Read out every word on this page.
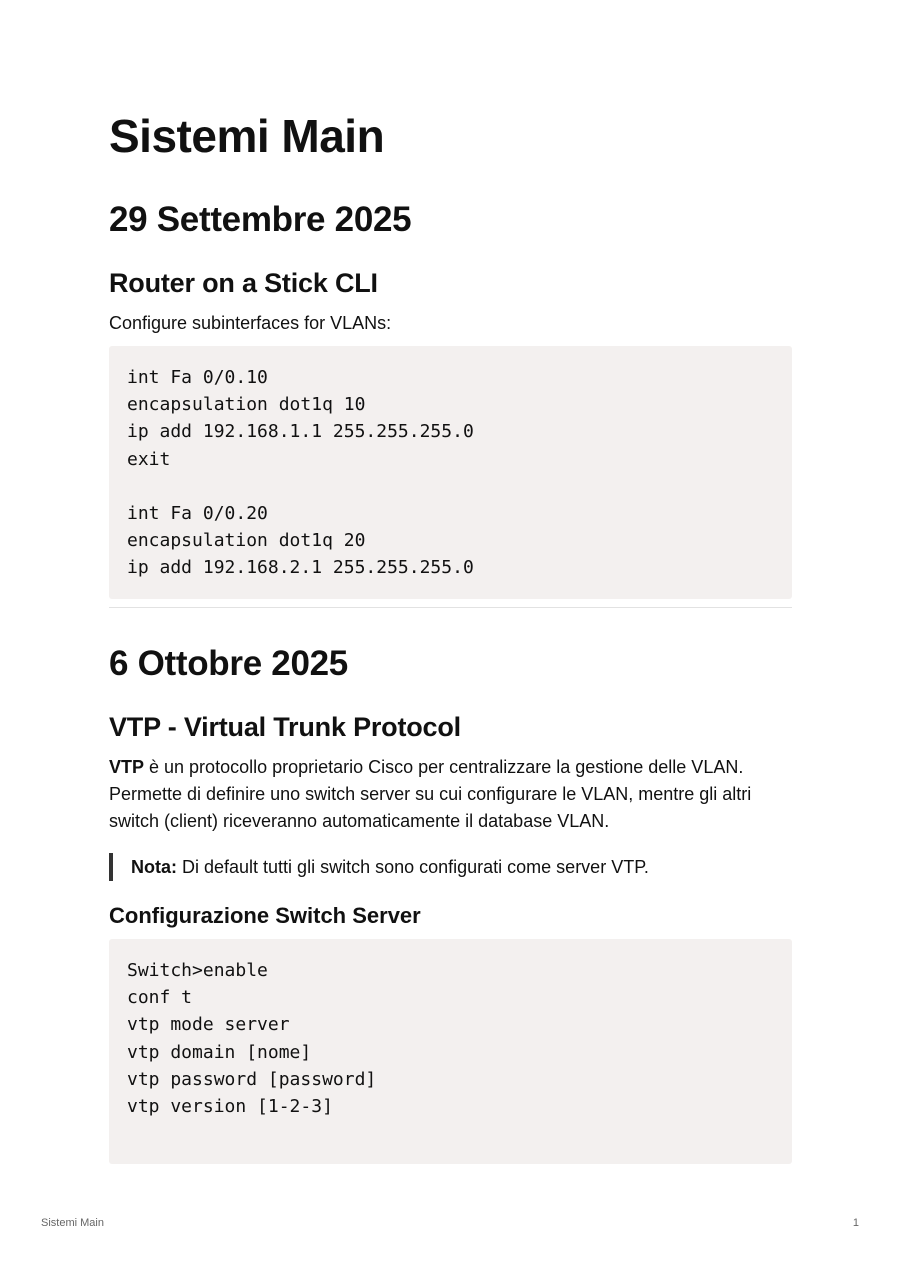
Sistemi Main
29 Settembre 2025
Router on a Stick CLI

Configure subinterfaces for VLANs:

int Fa 0/0.10
encapsulation dot1q 10
ip add 192.168.1.1 255.255.255.0
exit
int Fa 0/0.20
encapsulation dot1q 20
ip add 192.168.2.1 255.255.255.0
6 Ottobre 2025
VTP - Virtual Trunk Protocol

VTP è un protocollo proprietario Cisco per centralizzare la gestione delle VLAN. Permette di definire uno switch server su cui configurare le VLAN, mentre gli altri switch (client) riceveranno automaticamente il database VLAN.

Nota: Di default tutti gli switch sono configurati come server VTP.
Configurazione Switch Server
Switch>enable
conf t
vtp mode server
vtp domain [nome]
vtp password [password]
vtp version [1-2-3]
Sistemi Main	1
